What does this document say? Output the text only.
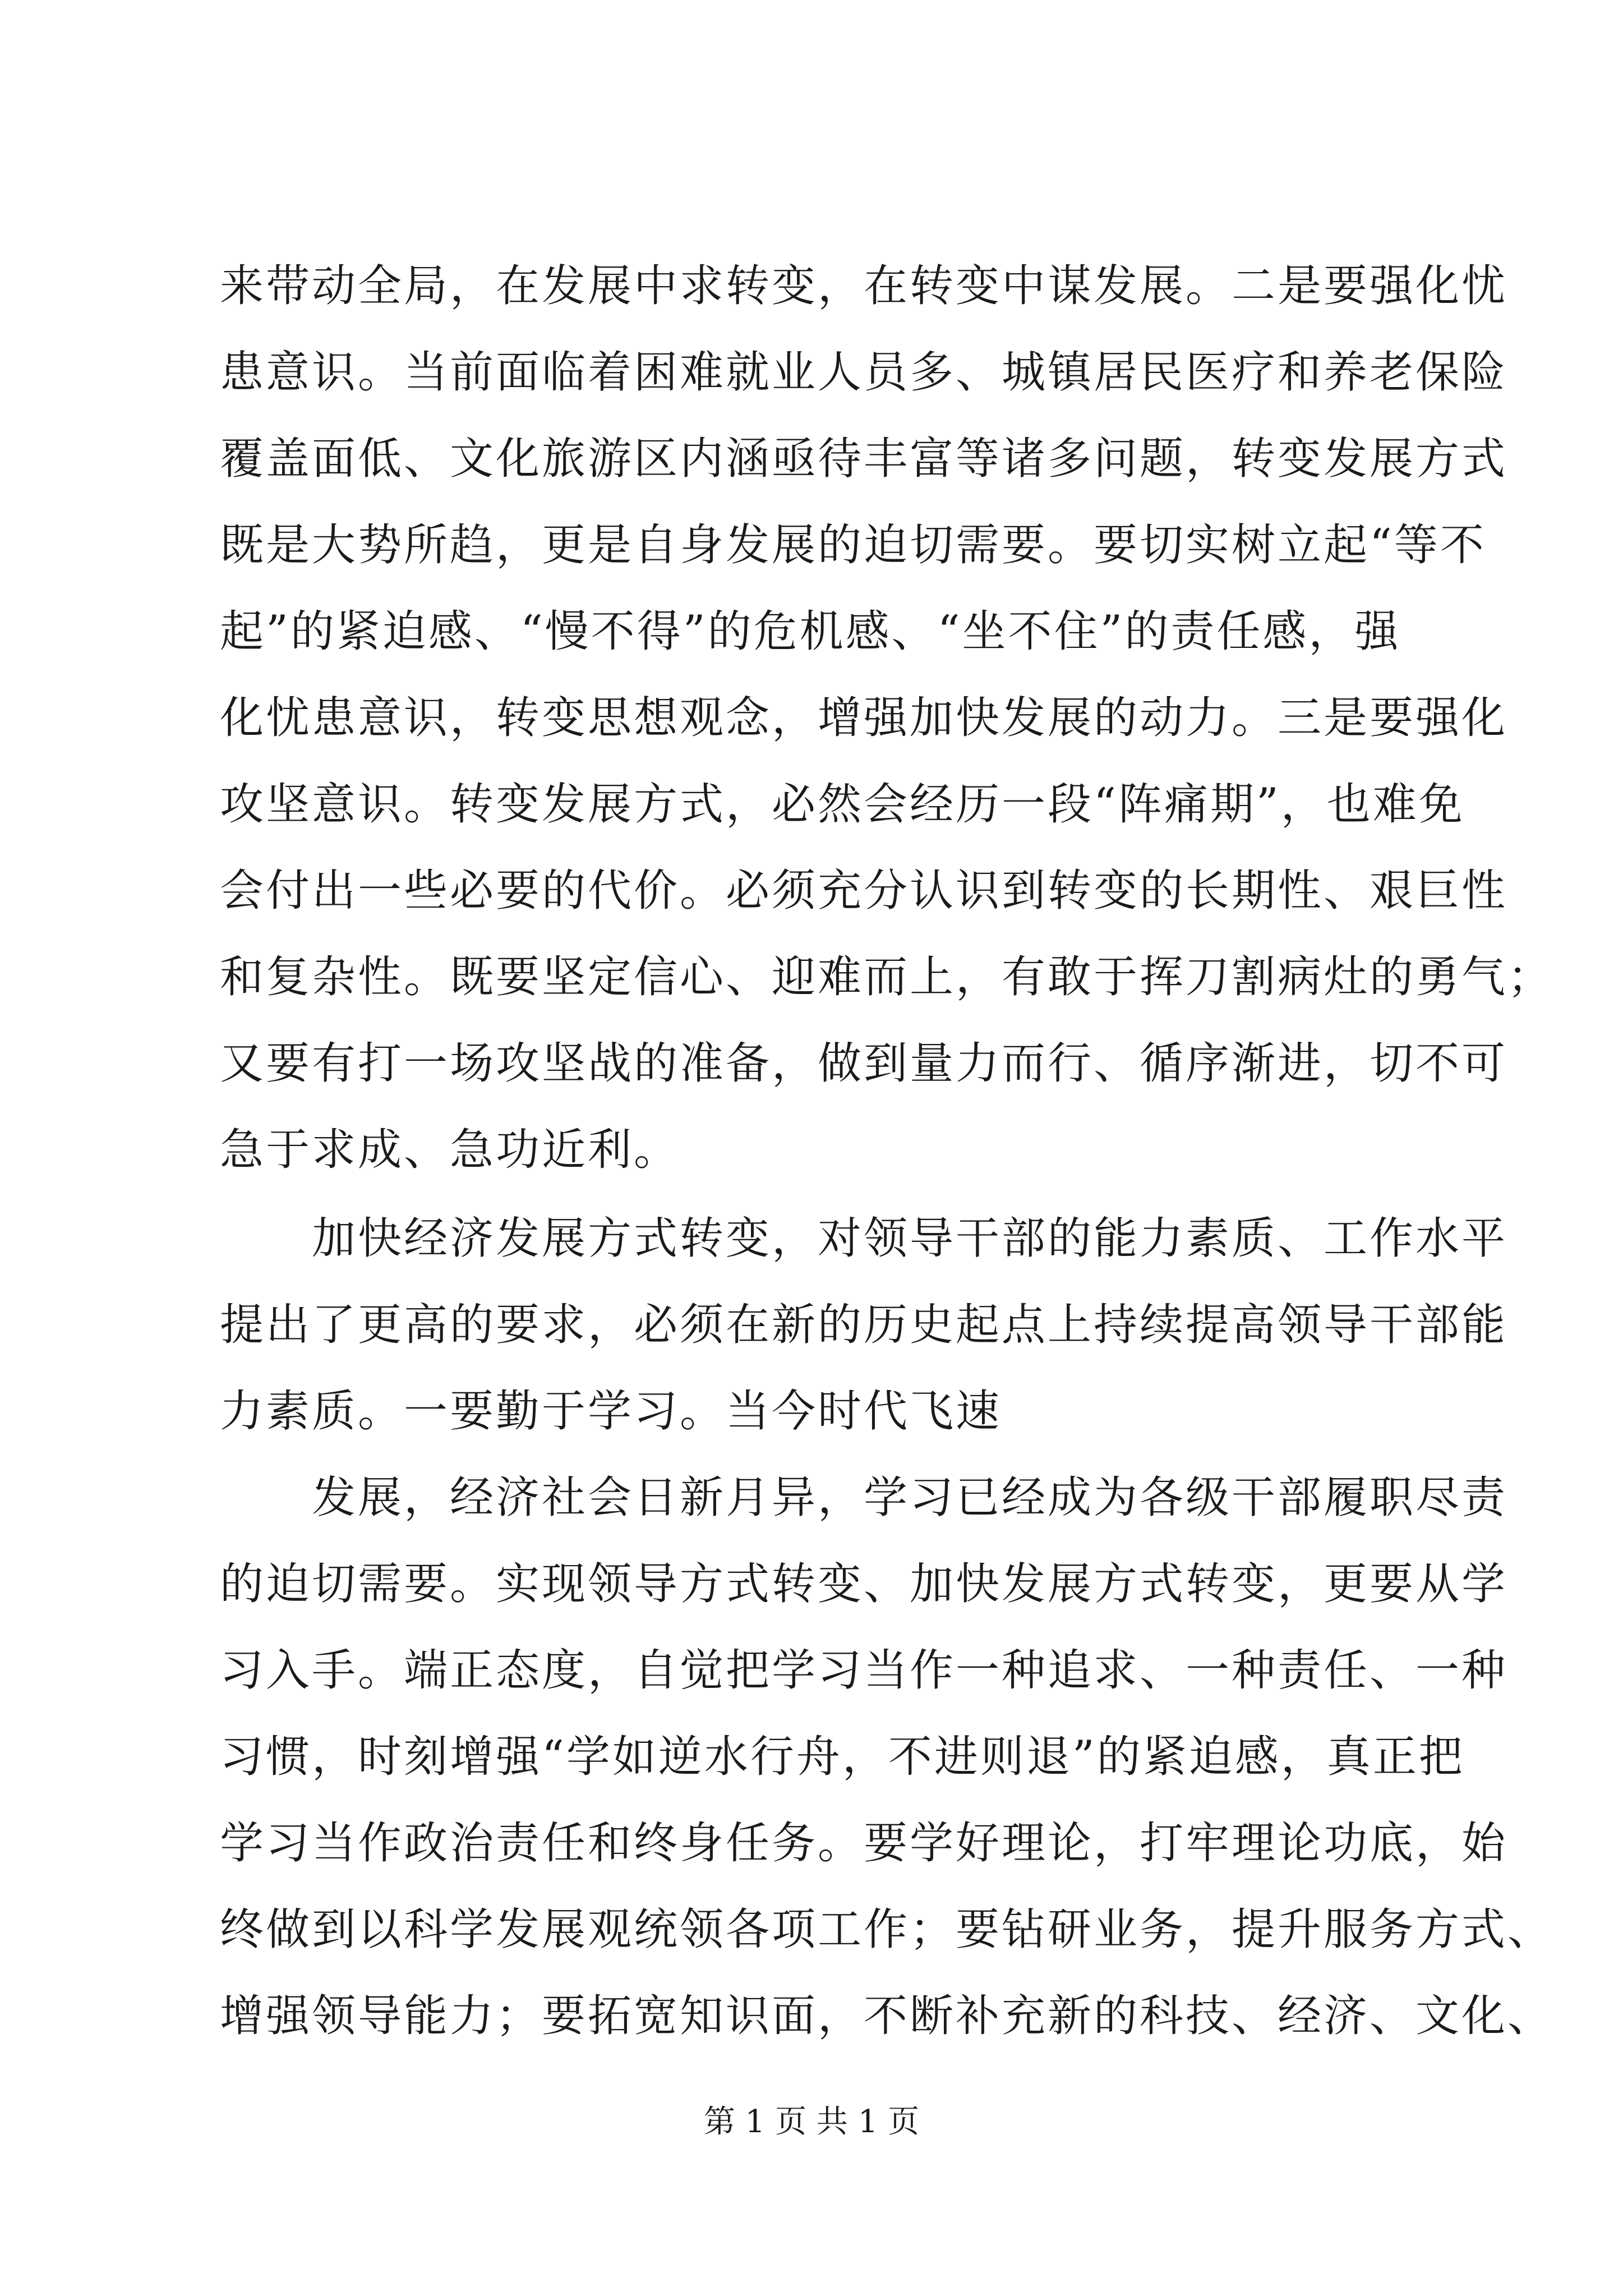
来带动全局，在发展中求转变，在转变中谋发展。二是要强化忧
患意识。当前面临着困难就业人员多、城镇居民医疗和养老保险
覆盖面低、文化旅游区内涵亟待丰富等诸多问题，转变发展方式
既是大势所趋，更是自身发展的迫切需要。要切实树立起“等不
起”的紧迫感、“慢不得”的危机感、“坐不住”的责任感，强
化忧患意识，转变思想观念，增强加快发展的动力。三是要强化
攻坚意识。转变发展方式，必然会经历一段“阵痛期”，也难免
会付出一些必要的代价。必须充分认识到转变的长期性、艰巨性
和复杂性。既要坚定信心、迎难而上，有敢于挥刀割病灶的勇气；
又要有打一场攻坚战的准备，做到量力而行、循序渐进，切不可
急于求成、急功近利。
　　加快经济发展方式转变，对领导干部的能力素质、工作水平
提出了更高的要求，必须在新的历史起点上持续提高领导干部能
力素质。一要勤于学习。当今时代飞速
　　发展，经济社会日新月异，学习已经成为各级干部履职尽责
的迫切需要。实现领导方式转变、加快发展方式转变，更要从学
习入手。端正态度，自觉把学习当作一种追求、一种责任、一种
习惯，时刻增强“学如逆水行舟，不进则退”的紧迫感，真正把
学习当作政治责任和终身任务。要学好理论，打牢理论功底，始
终做到以科学发展观统领各项工作；要钻研业务，提升服务方式、
增强领导能力；要拓宽知识面，不断补充新的科技、经济、文化、
第 1 页 共 1 页
